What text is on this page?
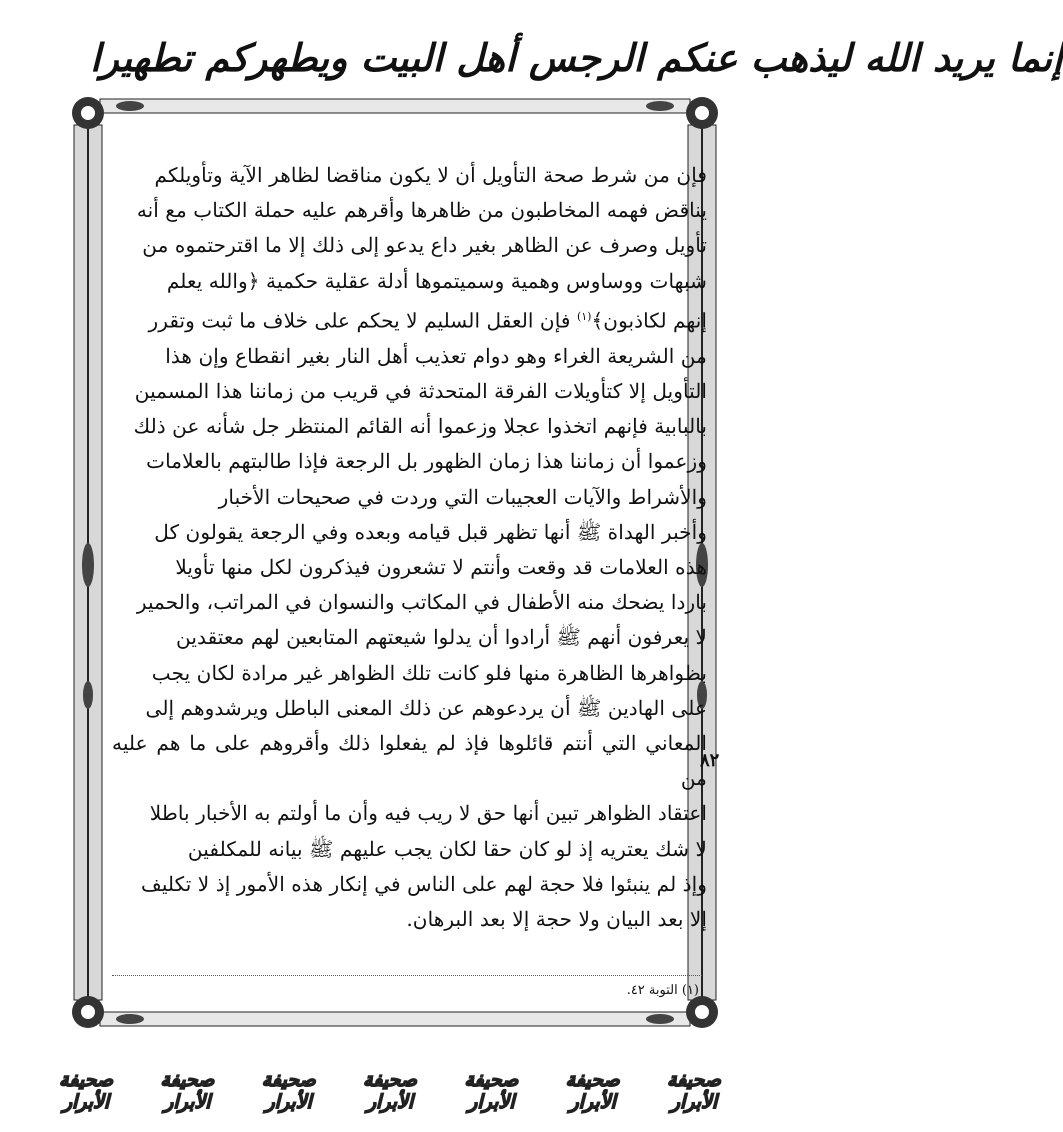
إنما يريد الله ليذهب عنكم الرجس أهل البيت ويطهركم تطهيرا

فإن من شرط صحة التأويل أن لا يكون مناقضا لظاهر الآية وتأويلكم

يناقض فهمه المخاطبون من ظاهرها وأقرهم عليه حملة الكتاب مع أنه

تأويل وصرف عن الظاهر بغير داع يدعو إلى ذلك إلا ما اقترحتموه من

شبهات ووساوس وهمية وسميتموها أدلة عقلية حكمية ﴿والله يعلم

إنهم لكاذبون﴾$^{(١)}$ فإن العقل السليم لا يحكم على خلاف ما ثبت وتقرر

من الشريعة الغراء وهو دوام تعذيب أهل النار بغير انقطاع وإن هذا

التأويل إلا كتأويلات الفرقة المتحدثة في قريب من زماننا هذا المسمين

بالبابية فإنهم اتخذوا عجلا وزعموا أنه القائم المنتظر جل شأنه عن ذلك

وزعموا أن زماننا هذا زمان الظهور بل الرجعة فإذا طالبتهم بالعلامات

والأشراط والآيات العجيبات التي وردت في صحيحات الأخبار

وأخبر الهداة ﷺ أنها تظهر قبل قيامه وبعده وفي الرجعة يقولون كل

هذه العلامات قد وقعت وأنتم لا تشعرون فيذكرون لكل منها تأويلا

باردا يضحك منه الأطفال في المكاتب والنسوان في المراتب، والحمير

لا يعرفون أنهم ﷺ أرادوا أن يدلوا شيعتهم المتابعين لهم معتقدين

بظواهرها الظاهرة منها فلو كانت تلك الظواهر غير مرادة لكان يجب

على الهادين ﷺ أن يردعوهم عن ذلك المعنى الباطل ويرشدوهم إلى

المعاني التي أنتم قائلوها فإذ لم يفعلوا ذلك وأقروهم على ما هم عليه من

اعتقاد الظواهر تبين أنها حق لا ريب فيه وأن ما أولتم به الأخبار باطلا

لا شك يعتريه إذ لو كان حقا لكان يجب عليهم ﷺ بيانه للمكلفين

وإذ لم ينبئوا فلا حجة لهم على الناس في إنكار هذه الأمور إذ لا تكليف

إلا بعد البيان ولا حجة إلا بعد البرهان.

(١) التوبة ٤٢.
٨٢
صحيفة الأبرار
صحيفة الأبرار
صحيفة الأبرار
صحيفة الأبرار
صحيفة الأبرار
صحيفة الأبرار
صحيفة الأبرار
